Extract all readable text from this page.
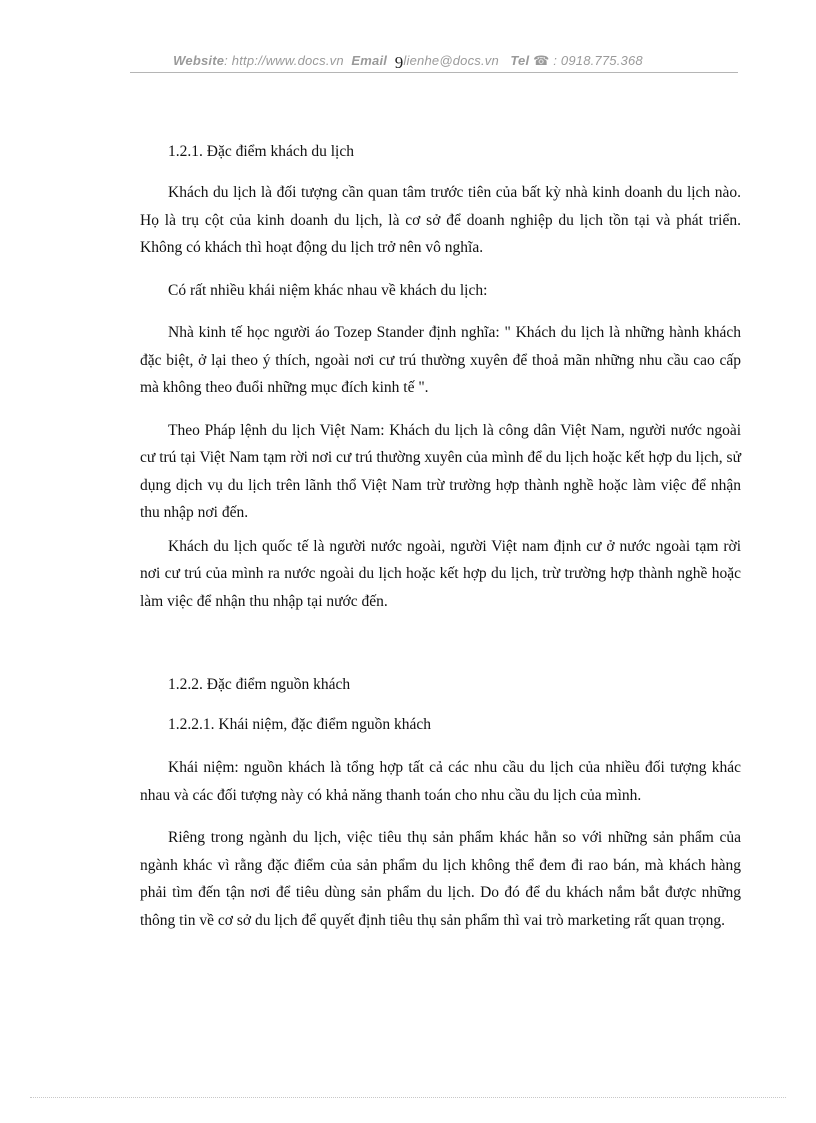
Website: http://www.docs.vn Email 9lienhe@docs.vn Tel ☎ : 0918.775.368
1.2.1. Đặc điểm khách du lịch

Khách du lịch là đối tượng cần quan tâm trước tiên của bất kỳ nhà kinh doanh du lịch nào. Họ là trụ cột của kinh doanh du lịch, là cơ sở để doanh nghiệp du lịch tồn tại và phát triển. Không có khách thì hoạt động du lịch trở nên vô nghĩa.

Có rất nhiều khái niệm khác nhau về khách du lịch:

Nhà kinh tế học người áo Tozep Stander định nghĩa: " Khách du lịch là những hành khách đặc biệt, ở lại theo ý thích, ngoài nơi cư trú thường xuyên để thoả mãn những nhu cầu cao cấp mà không theo đuổi những mục đích kinh tế ".

Theo Pháp lệnh du lịch Việt Nam: Khách du lịch là công dân Việt Nam, người nước ngoài cư trú tại Việt Nam tạm rời nơi cư trú thường xuyên của mình để du lịch hoặc kết hợp du lịch, sử dụng dịch vụ du lịch trên lãnh thổ Việt Nam trừ trường hợp thành nghề hoặc làm việc để nhận thu nhập nơi đến.

Khách du lịch quốc tế là người nước ngoài, người Việt nam định cư ở nước ngoài tạm rời nơi cư trú của mình ra nước ngoài du lịch hoặc kết hợp du lịch, trừ trường hợp thành nghề hoặc làm việc để nhận thu nhập tại nước đến.

1.2.2. Đặc điểm nguồn khách
1.2.2.1. Khái niệm, đặc điểm nguồn khách

Khái niệm: nguồn khách là tổng hợp tất cả các nhu cầu du lịch của nhiều đối tượng khác nhau và các đối tượng này có khả năng thanh toán cho nhu cầu du lịch của mình.

Riêng trong ngành du lịch, việc tiêu thụ sản phẩm khác hẳn so với những sản phẩm của ngành khác vì rằng đặc điểm của sản phẩm du lịch không thể đem đi rao bán, mà khách hàng phải tìm đến tận nơi để tiêu dùng sản phẩm du lịch. Do đó để du khách nắm bắt được những thông tin về cơ sở du lịch để quyết định tiêu thụ sản phẩm thì vai trò marketing rất quan trọng.
